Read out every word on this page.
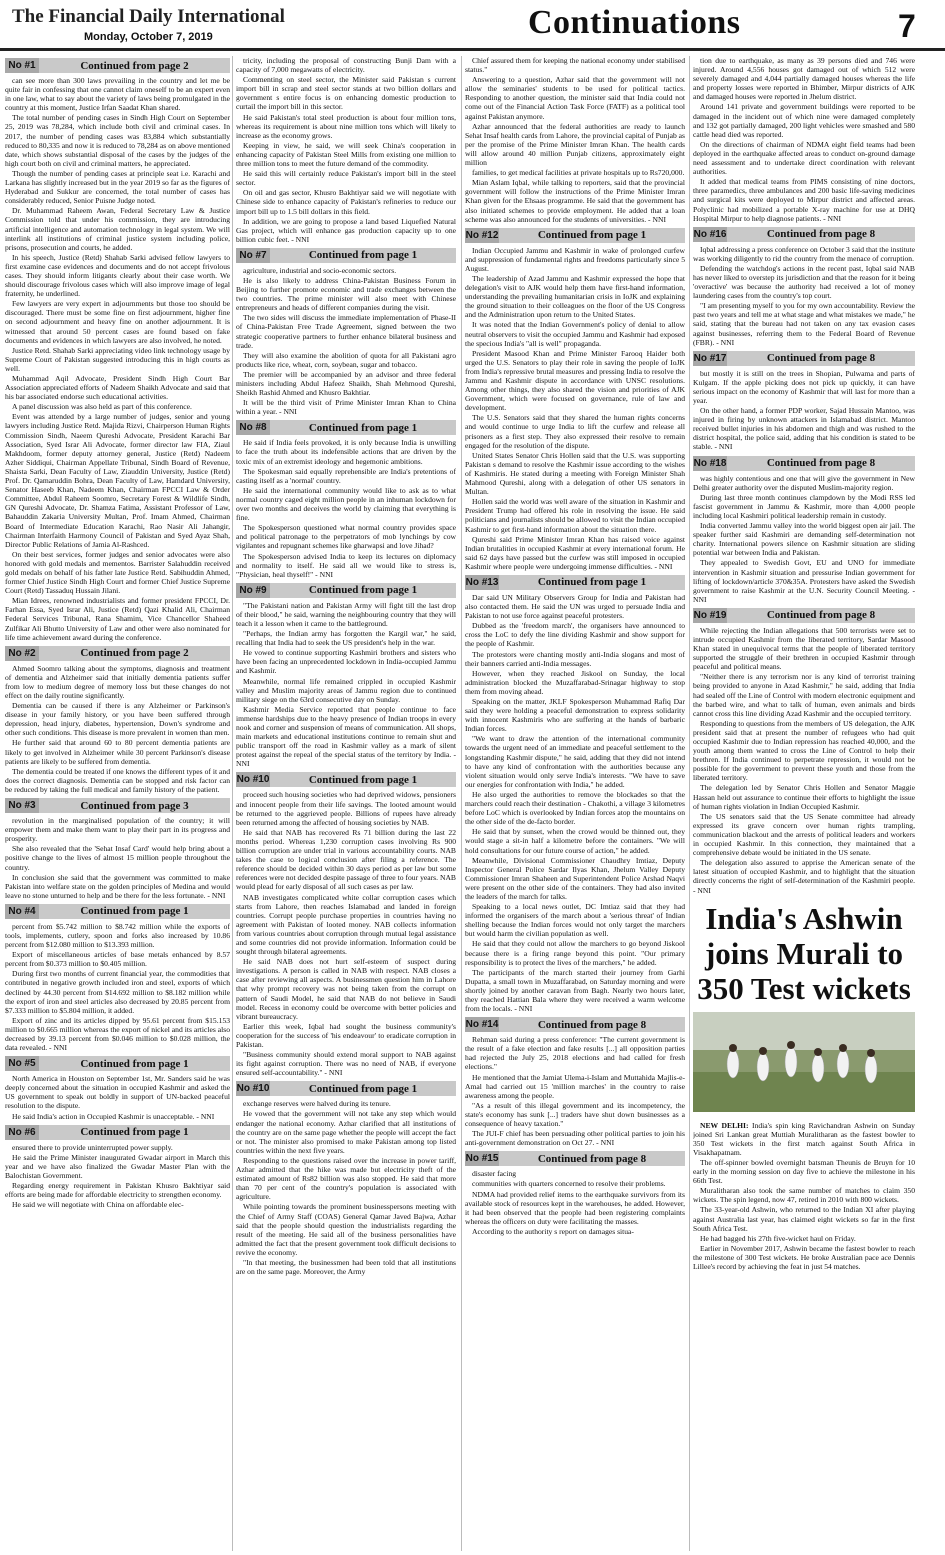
The Financial Daily International
Monday, October 7, 2019	Continuations	7
No #1	Continued from page 2

can see more than 300 laws prevailing in the country and let me be quite fair in confessing that one cannot claim oneself to be an expert even in one law, what to say about the variety of laws being promulgated in the country at this moment, Justice Irfan Saadat Khan shared.

The total number of pending cases in Sindh High Court on September 25, 2019 was 78,284, which include both civil and criminal cases. In 2017, the number of pending cases was 83,884 which substantially reduced to 80,335 and now it is reduced to 78,284 as on above mentioned date, which shows substantial disposal of the cases by the judges of the high court both on civil and criminal matters, he appreciated.

Though the number of pending cases at principle seat i.e. Karachi and Larkana has slightly increased but in the year 2019 so far as the figures of Hyderabad and Sukkur are concerned, the total number of cases has considerably reduced, Senior Puisne Judge noted.

Dr. Muhammad Raheem Awan, Federal Secretary Law & Justice Commission told that under his commission, they are introducing artificial intelligence and automation technology in legal system. We will interlink all institutions of criminal justice system including police, prisons, prosecution and courts, he added.

In his speech, Justice (Retd) Shahab Sarki advised fellow lawyers to first examine case evidences and documents and do not accept frivolous cases. They should inform litigants clearly about their case worth. We should discourage frivolous cases which will also improve image of legal fraternity, he underlined.

Few lawyers are very expert in adjournments but those too should be discouraged. There must be some fine on first adjournment, higher fine on second adjournment and heavy fine on another adjournment. It is witnessed that around 50 percent cases are found based on fake documents and evidences in which lawyers are also involved, he noted.

Justice Retd. Shahab Sarki appreciating video link technology usage by Supreme Court of Pakistan suggested introducing this in high courts as well.

Muhammad Aqil Advocate, President Sindh High Court Bar Association appreciated efforts of Nadeem Shaikh Advocate and said that his bar associated endorse such educational activities.

A panel discussion was also held as part of this conference.

Event was attended by a large number of judges, senior and young lawyers including Justice Retd. Majida Rizvi, Chairperson Human Rights Commission Sindh, Naeem Qureshi Advocate, President Karachi Bar Association, Syed Israr Ali Advocate, former director law FIA, Ziaul Makhdoom, former deputy attorney general, Justice (Retd) Nadeem Azher Siddiqui, Chairman Appellate Tribunal, Sindh Board of Revenue, Shaista Sarki, Dean Faculty of Law, Ziauddin University, Justice (Retd) Prof. Dr. Qamaruddin Bohra, Dean Faculty of Law, Hamdard University, Senator Haseeb Khan, Nadeem Khan, Chairman FPCCI Law & Order Committee, Abdul Raheem Soomro, Secretary Forest & Wildlife Sindh, GN Qureshi Advocate, Dr. Shamza Fatima, Assistant Professor of Law, Bahauddin Zakaria University Multan, Prof. Imam Ahmed, Chairman Board of Intermediate Education Karachi, Rao Nasir Ali Jahangir, Chairman Interfaith Harmony Council of Pakistan and Syed Ayaz Shah, Director Public Relations of Jamia Al-Rashced.

On their best services, former judges and senior advocates were also honored with gold medals and mementos. Barrister Salahuddin received gold medals on behalf of his father late Justice Retd. Sabihuddin Ahmed, former Chief Justice Sindh High Court and former Chief Justice Supreme Court (Retd) Tassaduq Hussain Jilani.

Mian Idrees, renowned industrialists and former president FPCCI, Dr. Farhan Essa, Syed Israr Ali, Justice (Retd) Qazi Khalid Ali, Chairman Federal Services Tribunal, Rana Shamim, Vice Chancellor Shaheed Zulfikar Ali Bhutto University of Law and other were also nominated for life time achievement award during the conference.

No #2	Continued from page 2

Ahmed Soomro talking about the symptoms, diagnosis and treatment of dementia and Alzheimer said that initially dementia patients suffer from low to medium degree of memory loss but these changes do not effect on the daily routine significantly.

Dementia can be caused if there is any Alzheimer or Parkinson's disease in your family history, or you have been suffered through depression, head injury, diabetes, hypertension, Down's syndrome and other such conditions. This disease is more prevalent in women than men.

He further said that around 60 to 80 percent dementia patients are likely to get involved in Alzheimer while 30 percent Parkinson's disease patients are likely to be suffered from dementia.

The dementia could be treated if one knows the different types of it and does the correct diagnosis. Dementia can be stopped and risk factor can be reduced by taking the full medical and family history of the patient.

No #3	Continued from page 3

revolution in the marginalised population of the country; it will empower them and make them want to play their part in its progress and prosperity.

She also revealed that the 'Sehat Insaf Card' would help bring about a positive change to the lives of almost 15 million people throughout the country.

In conclusion she said that the government was committed to make Pakistan into welfare state on the golden principles of Medina and would leave no stone unturned to help and be there for the less fortunate. - NNI

No #4	Continued from page 1

percent from $5.742 million to $8.742 million while the exports of tools, implements, cutlery, spoon and forks also increased by 10.86 percent from $12.080 million to $13.393 million.

Export of miscellaneous articles of base metals enhanced by 8.57 percent from $0.373 million to $0.405 million.

During first two months of current financial year, the commodities that contributed in negative growth included iron and steel, exports of which declined by 44.30 percent from $14.692 million to $8.182 million while the export of iron and steel articles also decreased by 20.85 percent from $7.333 million to $5.804 million, it added.

Export of zinc and its articles dipped by 95.61 percent from $15.153 million to $0.665 million whereas the export of nickel and its articles also decreased by 39.13 percent from $0.046 million to $0.028 million, the data revealed. - NNI

No #5	Continued from page 1

North America in Houston on September 1st, Mr. Sanders said he was deeply concerned about the situation in occupied Kashmir and asked the US government to speak out boldly in support of UN-backed peaceful resolution to the dispute.

He said India's action in Occupied Kashmir is unacceptable. - NNI

No #6	Continued from page 1

ensured there to provide uninterrupted power supply.

He said the Prime Minister inaugurated Gwadar airport in March this year and we have also finalized the Gwadar Master Plan with the Balochistan Government.

Regarding energy requirement in Pakistan Khusro Bakhtiyar said efforts are being made for affordable electricity to strengthen economy.

He said we will negotiate with China on affordable elec-

tricity, including the proposal of constructing Bunji Dam with a capacity of 7,000 megawatts of electricity.

Commenting on steel sector, the Minister said Pakistan s current import bill in scrap and steel sector stands at two billion dollars and government s entire focus is on enhancing domestic production to curtail the import bill in this sector.

He said Pakistan's total steel production is about four million tons, whereas its requirement is about nine million tons which will likely to increase as the economy grows.

Keeping in view, he said, we will seek China's cooperation in enhancing capacity of Pakistan Steel Mills from existing one million to three million tons to meet the future demand of the commodity.

He said this will certainly reduce Pakistan's import bill in the steel sector.

On oil and gas sector, Khusro Bakhtiyar said we will negotiate with Chinese side to enhance capacity of Pakistan's refineries to reduce our import bill up to 1.5 bill dollars in this field.

In addition, we are going to propose a land based Liquefied Natural Gas project, which will enhance gas production capacity up to one billion cubic feet. - NNI

No #7	Continued from page 1

agriculture, industrial and socio-economic sectors.

He is also likely to address China-Pakistan Business Forum in Beijing to further promote economic and trade exchanges between the two countries. The prime minister will also meet with Chinese entrepreneurs and heads of different companies during the visit.

The two sides will discuss the immediate implementation of Phase-II of China-Pakistan Free Trade Agreement, signed between the two strategic cooperative partners to further enhance bilateral business and trade.

They will also examine the abolition of quota for all Pakistani agro products like rice, wheat, corn, soybean, sugar and tobacco.

The premier will be accompanied by an advisor and three federal ministers including Abdul Hafeez Shaikh, Shah Mehmood Qureshi, Sheikh Rashid Ahmed and Khusro Bakhtiar.

It will be the third visit of Prime Minister Imran Khan to China within a year. - NNI

No #8	Continued from page 1

He said if India feels provoked, it is only because India is unwilling to face the truth about its indefensible actions that are driven by the toxic mix of an extremist ideology and hegemonic ambitions.

The Spokesman said equally reprehensible are India's pretentions of casting itself as a 'normal' country.

He said the international community would like to ask as to what normal country caged eight million people in an inhuman lockdown for over two months and deceives the world by claiming that everything is fine.

The Spokesperson questioned what normal country provides space and political patronage to the perpetrators of mob lynchings by cow vigilantes and repugnant schemes like gharwapsi and love Jihad?

The Spokesperson advised India to keep its lectures on diplomacy and normality to itself. He said all we would like to stress is, "Physician, heal thyself!" - NNI

No #9	Continued from page 1

"The Pakistani nation and Pakistan Army will fight till the last drop of their blood," he said, warning the neighbouring country that they will teach it a lesson when it came to the battleground.

"Perhaps, the Indian army has forgotten the Kargil war," he said, recalling that India had to seek the US president's help in the war.

He vowed to continue supporting Kashmiri brothers and sisters who have been facing an unprecedented lockdown in India-occupied Jammu and Kashmir.

Meanwhile, normal life remained crippled in occupied Kashmir valley and Muslim majority areas of Jammu region due to continued military siege on the 63rd consecutive day on Sunday.

Kashmir Media Service reported that people continue to face immense hardships due to the heavy presence of Indian troops in every nook and corner and suspension of means of communication. All shops, main markets and educational institutions continue to remain shut and public transport off the road in Kashmir valley as a mark of silent protest against the repeal of the special status of the territory by India. - NNI

No #10	Continued from page 1

proceed such housing societies who had deprived widows, pensioners and innocent people from their life savings. The looted amount would be returned to the aggrieved people. Billions of rupees have already been returned among the affected of housing societies by NAB.

He said that NAB has recovered Rs 71 billion during the last 22 months period. Whereas 1,230 corruption cases involving Rs 900 billion corruption are under trial in various accountability courts. NAB takes the case to logical conclusion after filing a reference. The reference should be decided within 30 days period as per law but some references were not decided despite passage of three to four years. NAB would plead for early disposal of all such cases as per law.

NAB investigates complicated white collar corruption cases which starts from Lahore, then reaches Islamabad and landed in foreign countries. Corrupt people purchase properties in countries having no agreement with Pakistan of looted money. NAB collects information from various countries about corruption through mutual legal assistance and some countries did not provide information. Information could be sought through bilateral agreements.

He said NAB does not hurt self-esteem of suspect during investigations. A person is called in NAB with respect. NAB closes a case after reviewing all aspects. A businessmen question him in Lahore that why prompt recovery was not being taken from the corrupt on pattern of Saudi Model, he said that NAB do not believe in Saudi model. Recess in economy could be overcome with better policies and vibrant bureaucracy.

Earlier this week, Iqbal had sought the business community's cooperation for the success of 'his endeavour' to eradicate corruption in Pakistan.

"Business community should extend moral support to NAB against its fight against corruption. There was no need of NAB, if everyone ensured self-accountability." - NNI

No #10	Continued from page 1

exchange reserves were halved during its tenure.

He vowed that the government will not take any step which would endanger the national economy. Azhar clarified that all institutions of the country are on the same page whether the people will accept the fact or not. The minister also promised to make Pakistan among top listed countries within the next five years.

Responding to the questions raised over the increase in power tariff, Azhar admitted that the hike was made but electricity theft of the estimated amount of Rs82 billion was also stopped. He said that more than 70 per cent of the country's population is associated with agriculture.

While pointing towards the prominent businesspersons meeting with the Chief of Army Staff (COAS) General Qamar Javed Bajwa, Azhar said that the people should question the industrialists regarding the result of the meeting. He said all of the business personalities have admitted the fact that the present government took difficult decisions to revive the economy.

"In that meeting, the businessmen had been told that all institutions are on the same page. Moreover, the Army

Chief assured them for keeping the national economy under stabilised status."

Answering to a question, Azhar said that the government will not allow the seminaries' students to be used for political tactics. Responding to another question, the minister said that India could not come out of the Financial Action Task Force (FATF) as a political tool against Pakistan anymore.

Azhar announced that the federal authorities are ready to launch Sehat Insaf health cards from Lahore, the provincial capital of Punjab as per the promise of the Prime Minister Imran Khan. The health cards will allow around 40 million Punjab citizens, approximately eight million

families, to get medical facilities at private hospitals up to Rs720,000.

Mian Aslam Iqbal, while talking to reporters, said that the provincial government will follow the instructions of the Prime Minister Imran Khan given for the Ehsaas programme. He said that the government has also initiated schemes to provide employment. He added that a loan scheme was also announced for the students of universities. - NNI

No #12	Continued from page 1

Indian Occupied Jammu and Kashmir in wake of prolonged curfew and suppression of fundamental rights and freedoms particularly since 5 August.

The leadership of Azad Jammu and Kashmir expressed the hope that delegation's visit to AJK would help them have first-hand information, understanding the prevailing humanitarian crisis in IoJK and explaining the ground situation to their colleagues on the floor of the US Congress and the Administration upon return to the United States.

It was noted that the Indian Government's policy of denial to allow neutral observers to visit the occupied Jammu and Kashmir had exposed the specious India's "all is well" propaganda.

President Masood Khan and Prime Minister Farooq Haider both urged the U.S. Senators to play their role in saving the people of IoJK from India's repressive brutal measures and pressing India to resolve the Jammu and Kashmir dispute in accordance with UNSC resolutions. Among other things, they also shared the vision and priorities of AJK Government, which were focused on governance, rule of law and development.

The U.S. Senators said that they shared the human rights concerns and would continue to urge India to lift the curfew and release all prisoners as a first step. They also expressed their resolve to remain engaged for the resolution of the dispute.

United States Senator Chris Hollen said that the U.S. was supporting Pakistan s demand to resolve the Kashmir issue according to the wishes of Kashmiris. He stated during a meeting with Foreign Minister Shah Mahmood Qureshi, along with a delegation of other US senators in Multan.

Hollen said the world was well aware of the situation in Kashmir and President Trump had offered his role in resolving the issue. He said politicians and journalists should be allowed to visit the Indian occupied Kashmir to get first-hand information about the situation there.

Qureshi said Prime Minister Imran Khan has raised voice against Indian brutalities in occupied Kashmir at every international forum. He said 62 days have passed but the curfew was still imposed in occupied Kashmir where people were undergoing immense difficulties. - NNI

No #13	Continued from page 1

Dar said UN Military Observers Group for India and Pakistan had also contacted them. He said the UN was urged to persuade India and Pakistan to not use force against peaceful protesters.

Dubbed as the 'freedom march', the organisers have announced to cross the LoC to defy the line dividing Kashmir and show support for the people of Kashmir.

The protestors were chanting mostly anti-India slogans and most of their banners carried anti-India messages.

However, when they reached Jiskool on Sunday, the local administration blocked the Muzaffarabad-Srinagar highway to stop them from moving ahead.

Speaking on the matter, JKLF Spokesperson Muhammad Rafiq Dar said they were holding a peaceful demonstration to express solidarity with innocent Kashmiris who are suffering at the hands of barbaric Indian forces.

"We want to draw the attention of the international community towards the urgent need of an immediate and peaceful settlement to the longstanding Kashmir dispute," he said, adding that they did not intend to have any kind of confrontation with the authorities because any violent situation would only serve India's interests. "We have to save our energies for confrontation with India," he added.

He also urged the authorities to remove the blockades so that the marchers could reach their destination - Chakothi, a village 3 kilometres before LoC which is overlooked by Indian forces atop the mountains on the other side of the de-facto border.

He said that by sunset, when the crowd would be thinned out, they would stage a sit-in half a kilometre before the containers. "We will hold consultations for our future course of action," he added.

Meanwhile, Divisional Commissioner Chaudhry Imtiaz, Deputy Inspector General Police Sardar Ilyas Khan, Jhelum Valley Deputy Commissioner Imran Shaheen and Superintendent Police Arshad Naqvi were present on the other side of the containers. They had also invited the leaders of the march for talks.

Speaking to a local news outlet, DC Imtiaz said that they had informed the organisers of the march about a 'serious threat' of Indian shelling because the Indian forces would not only target the marchers but would harm the civilian population as well.

He said that they could not allow the marchers to go beyond Jiskool because there is a firing range beyond this point. "Our primary responsibility is to protect the lives of the marchers," he added.

The participants of the march started their journey from Garhi Dupatta, a small town in Muzaffarabad, on Saturday morning and were shortly joined by another caravan from Bagh. Nearly two hours later, they reached Hattian Bala where they were received a warm welcome from the locals. - NNI

No #14	Continued from page 8

Rehman said during a press conference: "The current government is the result of a fake election and fake results [...] all opposition parties had rejected the July 25, 2018 elections and had called for fresh elections."

He mentioned that the Jamiat Ulema-i-Islam and Muttahida Majlis-e-Amal had carried out 15 'million marches' in the country to raise awareness among the people.

"As a result of this illegal government and its incompetency, the state's economy has sunk [...] traders have shut down businesses as a consequence of heavy taxation."

The JUI-F chief has been persuading other political parties to join his anti-government demonstration on Oct 27. - NNI

No #15	Continued from page 8

disaster facing

communities with quarters concerned to resolve their problems.

NDMA had provided relief items to the earthquake survivors from its available stock of resources kept in the warehouses, he added. However, it had been observed that the people had been registering complaints whereas the officers on duty were facilitating the masses.

According to the authority s report on damages situa-

tion due to earthquake, as many as 39 persons died and 746 were injured. Around 4,556 houses got damaged out of which 512 were severely damaged and 4,044 partially damaged houses whereas the life and property losses were reported in Bhimber, Mirpur districts of AJK and damaged houses were reported in Jhelum district.

Around 141 private and government buildings were reported to be damaged in the incident out of which nine were damaged completely and 132 got partially damaged, 200 light vehicles were smashed and 580 cattle head died was reported.

On the directions of chairman of NDMA eight field teams had been deployed in the earthquake affected areas to conduct on-ground damage need assessment and to undertake direct coordination with relevant authorities.

It added that medical teams from PIMS consisting of nine doctors, three paramedics, three ambulances and 200 basic life-saving medicines and surgical kits were deployed to Mirpur district and affected areas. Polyclinic had mobilized a portable X-ray machine for use at DHQ Hospital Mirpur to help diagnose patients. - NNI

No #16	Continued from page 8

Iqbal addressing a press conference on October 3 said that the institute was working diligently to rid the country from the menace of corruption.

Defending the watchdog's actions in the recent past, Iqbal said NAB has never liked to overstep its jurisdiction and that the reason for it being 'overactive' was because the authority had received a lot of money laundering cases from the country's top court.

"I am presenting myself to you for my own accountability. Review the past two years and tell me at what stage and what mistakes we made," he said, stating that the bureau had not taken on any tax evasion cases against businesses, referring them to the Federal Board of Revenue (FBR). - NNI

No #17	Continued from page 8

but mostly it is still on the trees in Shopian, Pulwama and parts of Kulgam. If the apple picking does not pick up quickly, it can have serious impact on the economy of Kashmir that will last for more than a year.

On the other hand, a former PDP worker, Sajad Hussain Mantoo, was injured in firing by unknown attackers in Islamabad district. Mantoo received bullet injuries in his abdomen and thigh and was rushed to the district hospital, the police said, adding that his condition is stated to be stable. - NNI

No #18	Continued from page 8

was highly contentious and one that will give the government in New Delhi greater authority over the disputed Muslim-majority region.

During last three month continues clampdown by the Modi RSS led fascist government in Jammu & Kashmir, more than 4,000 people including local Kashmiri political leadership remain in custody.

India converted Jammu valley into the world biggest open air jail. The speaker further said Kashmiri are demanding self-determination not charity. International powers silence on Kashmir situation are sliding potential war between India and Pakistan.

They appealed to Swedish Govt, EU and UNO for immediate intervention in Kashmir situation and pressurise Indian government for lifting of lockdown/article 370&35A. Protesters have asked the Swedish government to raise Kashmir at the U.N. Security Council Meeting. - NNI

No #19	Continued from page 8

While rejecting the Indian allegations that 500 terrorists were set to intrude occupied Kashmir from the liberated territory, Sardar Masood Khan stated in unequivocal terms that the people of liberated territory supported the struggle of their brethren in occupied Kashmir through peaceful and political means.

"Neither there is any terrorism nor is any kind of terrorist training being provided to anyone in Azad Kashmir," he said, adding that India had sealed off the Line of Control with modern electronic equipment and the barbed wire, and what to talk of human, even animals and birds cannot cross this line dividing Azad Kashmir and the occupied territory.

Responding to questions from the members of US delegation, the AJK president said that at present the number of refugees who had quit occupied Kashmir due to Indian repression has reached 40,000, and the youth among them wanted to cross the Line of Control to help their brethren. If India continued to perpetrate repression, it would not be possible for the government to prevent these youth and those from the liberated territory.

The delegation led by Senator Chris Hollen and Senator Maggie Hassan held out assurance to continue their efforts to highlight the issue of human rights violation in Indian Occupied Kashmir.

The US senators said that the US Senate committee had already expressed its grave concern over human rights trampling, communication blackout and the arrests of political leaders and workers in occupied Kashmir. In this connection, they maintained that a comprehensive debate would be initiated in the US senate.

The delegation also assured to apprise the American senate of the latest situation of occupied Kashmir, and to highlight that the situation directly concerns the right of self-determination of the Kashmiri people. - NNI

India's Ashwin joins Murali to 350 Test wickets

NEW DELHI: India's spin king Ravichandran Ashwin on Sunday joined Sri Lankan great Muttiah Muralitharan as the fastest bowler to 350 Test wickets in the first match against South Africa in Visakhapatnam.

The off-spinner bowled overnight batsman Theunis de Bruyn for 10 early in the morning session on day five to achieve the milestone in his 66th Test.

Muralitharan also took the same number of matches to claim 350 wickets. The spin legend, now 47, retired in 2010 with 800 wickets.

The 33-year-old Ashwin, who returned to the Indian XI after playing against Australia last year, has claimed eight wickets so far in the first South Africa Test.

He had bagged his 27th five-wicket haul on Friday.

Earlier in November 2017, Ashwin became the fastest bowler to reach the milestone of 300 Test wickets. He broke Australian pace ace Dennis Lillee's record by achieving the feat in just 54 matches.
